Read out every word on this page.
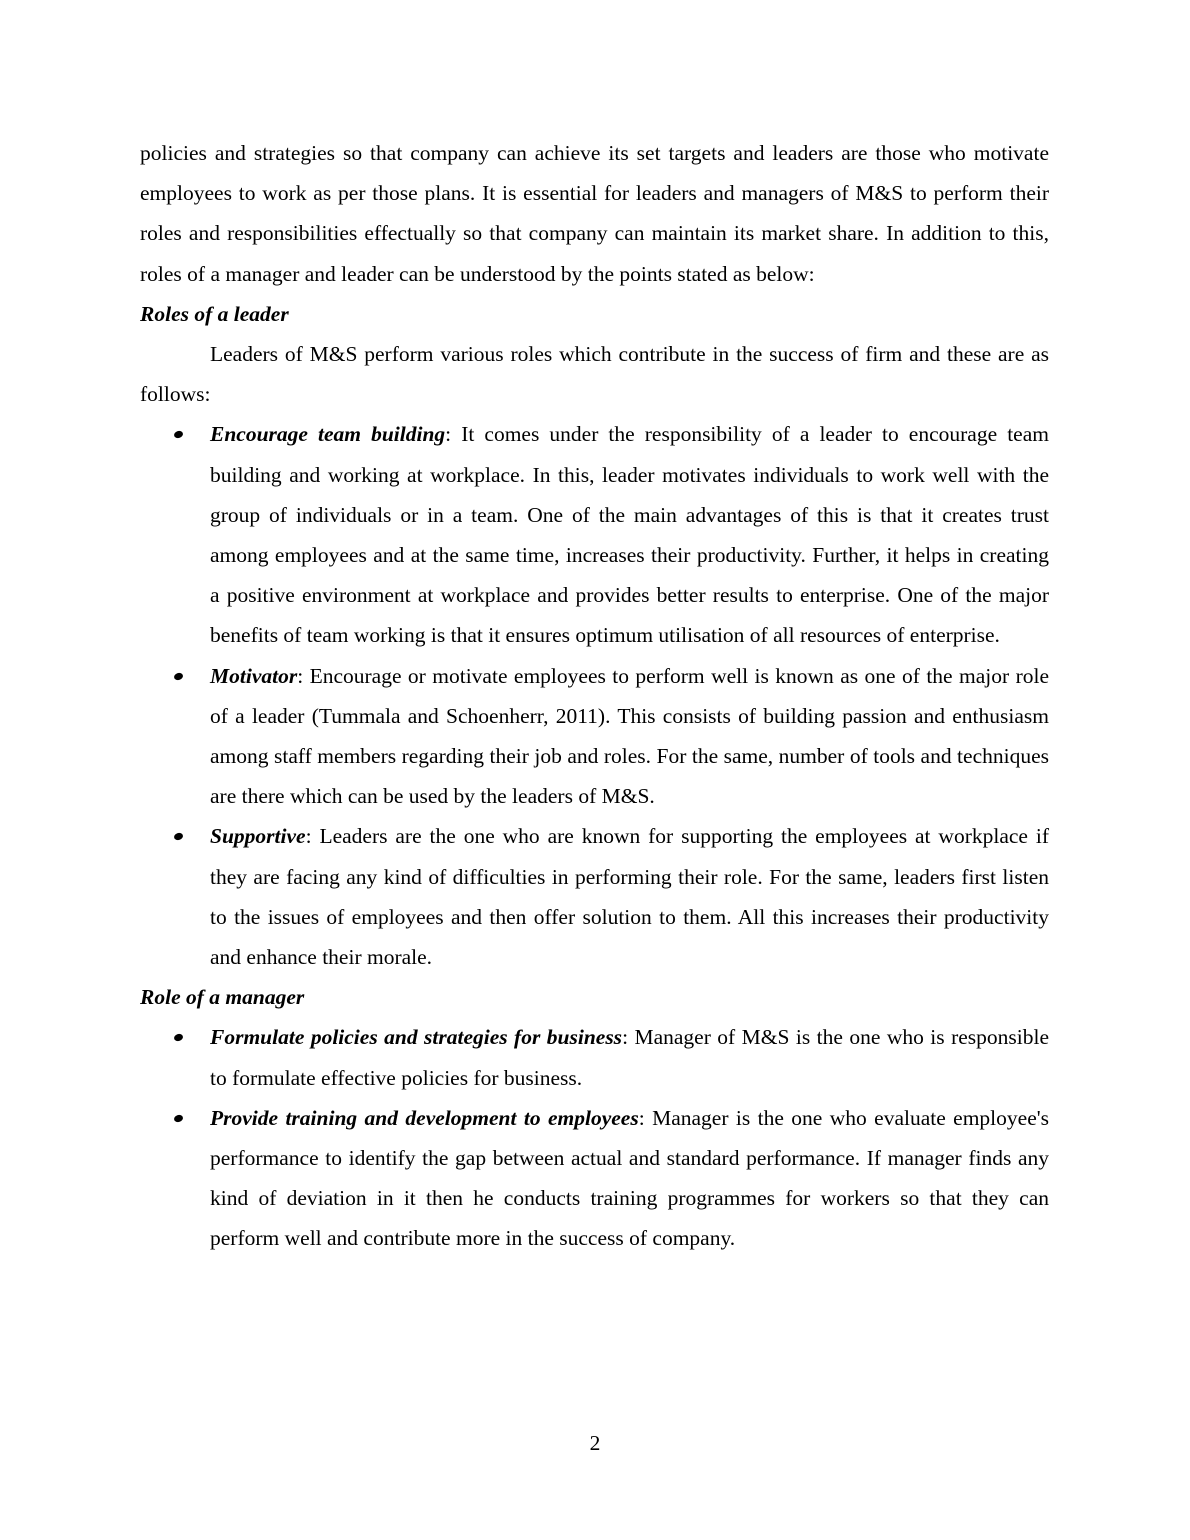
policies and strategies so that company can achieve its set targets and leaders are those who motivate employees to work as per those plans. It is essential for leaders and managers of M&S to perform their roles and responsibilities effectually so that company can maintain its market share. In addition to this, roles of a manager and leader can be understood by the points stated as below:

Roles of a leader

Leaders of M&S perform various roles which contribute in the success of firm and these are as follows:

Encourage team building: It comes under the responsibility of a leader to encourage team building and working at workplace. In this, leader motivates individuals to work well with the group of individuals or in a team. One of the main advantages of this is that it creates trust among employees and at the same time, increases their productivity. Further, it helps in creating a positive environment at workplace and provides better results to enterprise. One of the major benefits of team working is that it ensures optimum utilisation of all resources of enterprise.
Motivator: Encourage or motivate employees to perform well is known as one of the major role of a leader (Tummala and Schoenherr, 2011). This consists of building passion and enthusiasm among staff members regarding their job and roles. For the same, number of tools and techniques are there which can be used by the leaders of M&S.
Supportive: Leaders are the one who are known for supporting the employees at workplace if they are facing any kind of difficulties in performing their role. For the same, leaders first listen to the issues of employees and then offer solution to them. All this increases their productivity and enhance their morale.

Role of a manager

Formulate policies and strategies for business: Manager of M&S is the one who is responsible to formulate effective policies for business.
Provide training and development to employees: Manager is the one who evaluate employee's performance to identify the gap between actual and standard performance. If manager finds any kind of deviation in it then he conducts training programmes for workers so that they can perform well and contribute more in the success of company.
2
